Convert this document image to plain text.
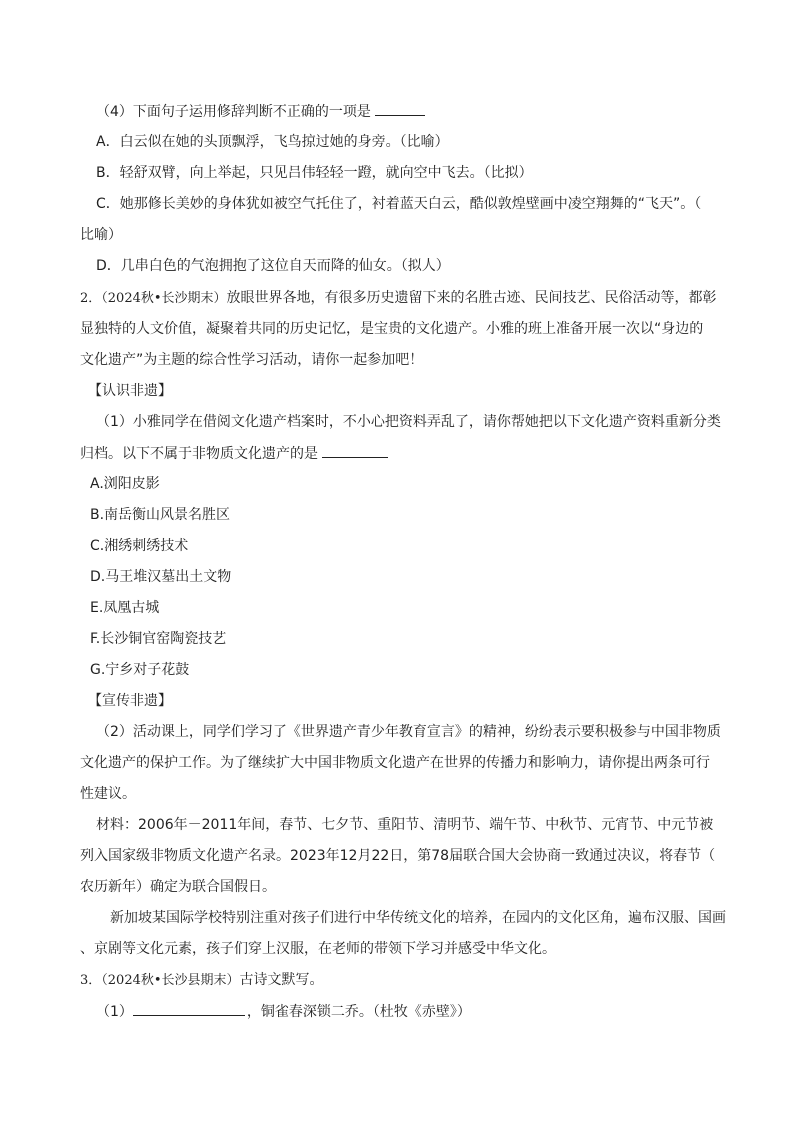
（4）下面句子运用修辞判断不正确的一项是
A．白云似在她的头顶飘浮，飞鸟掠过她的身旁。（比喻）
B．轻舒双臂，向上举起，只见吕伟轻轻一蹬，就向空中飞去。（比拟）
C．她那修长美妙的身体犹如被空气托住了，衬着蓝天白云，酷似敦煌壁画中凌空翔舞的“飞天”。（
比喻）
D．几串白色的气泡拥抱了这位自天而降的仙女。（拟人）
2．（2024秋•长沙期末）放眼世界各地，有很多历史遗留下来的名胜古迹、民间技艺、民俗活动等，都彰
显独特的人文价值，凝聚着共同的历史记忆，是宝贵的文化遗产。小雅的班上准备开展一次以“身边的
文化遗产”为主题的综合性学习活动，请你一起参加吧！
【认识非遗】
（1）小雅同学在借阅文化遗产档案时，不小心把资料弄乱了，请你帮她把以下文化遗产资料重新分类
归档。以下不属于非物质文化遗产的是
A.浏阳皮影
B.南岳衡山风景名胜区
C.湘绣刺绣技术
D.马王堆汉墓出土文物
E.凤凰古城
F.长沙铜官窑陶瓷技艺
G.宁乡对子花鼓
【宣传非遗】
（2）活动课上，同学们学习了《世界遗产青少年教育宣言》的精神，纷纷表示要积极参与中国非物质
文化遗产的保护工作。为了继续扩大中国非物质文化遗产在世界的传播力和影响力，请你提出两条可行
性建议。
材料：2006年－2011年间，春节、七夕节、重阳节、清明节、端午节、中秋节、元宵节、中元节被
列入国家级非物质文化遗产名录。2023年12月22日，第78届联合国大会协商一致通过决议，将春节（
农历新年）确定为联合国假日。
新加坡某国际学校特别注重对孩子们进行中华传统文化的培养，在园内的文化区角，遍布汉服、国画
、京剧等文化元素，孩子们穿上汉服，在老师的带领下学习并感受中华文化。
3．（2024秋•长沙县期末）古诗文默写。
（1）	，铜雀春深锁二乔。（杜牧《赤壁》）
